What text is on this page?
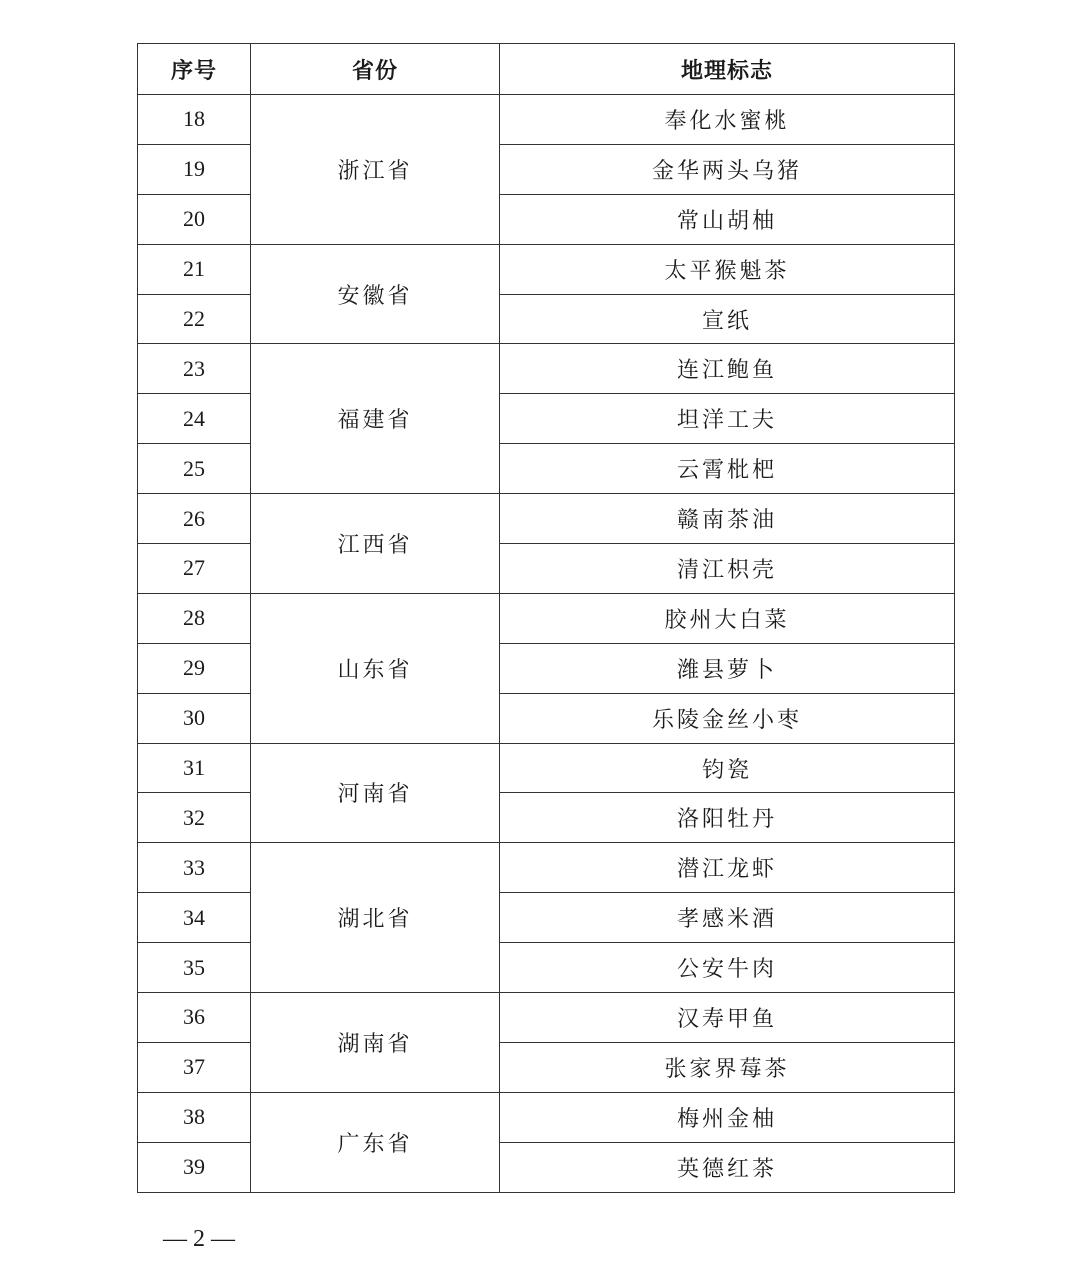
序号	省份	地理标志
18	浙江省	奉化水蜜桃
19		金华两头乌猪
20		常山胡柚
21	安徽省	太平猴魁茶
22		宣纸
23	福建省	连江鲍鱼
24		坦洋工夫
25		云霄枇杷
26	江西省	赣南茶油
27		清江枳壳
28	山东省	胶州大白菜
29		潍县萝卜
30		乐陵金丝小枣
31	河南省	钧瓷
32		洛阳牡丹
33	湖北省	潜江龙虾
34		孝感米酒
35		公安牛肉
36	湖南省	汉寿甲鱼
37		张家界莓茶
38	广东省	梅州金柚
39		英德红茶
— 2 —
